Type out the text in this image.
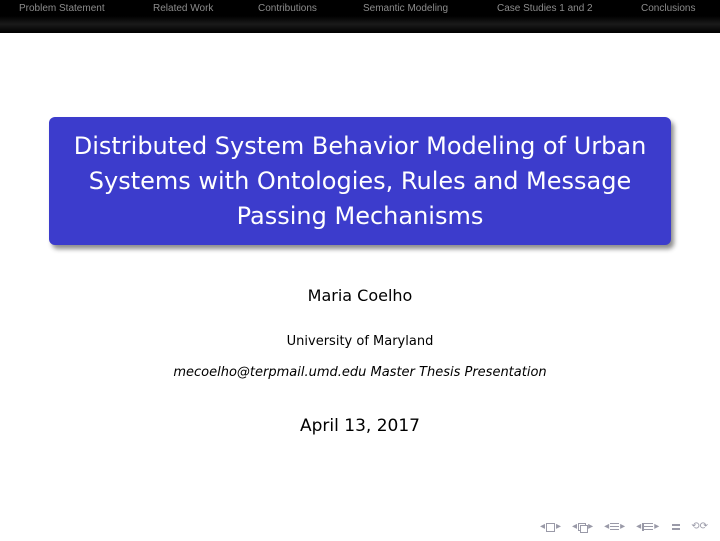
Problem Statement	Related Work	Contributions	Semantic Modeling	Case Studies 1 and 2	Conclusions
Distributed System Behavior Modeling of Urban Systems with Ontologies, Rules and Message Passing Mechanisms
Maria Coelho
University of Maryland
mecoelho@terpmail.umd.edu Master Thesis Presentation
April 13, 2017
◂ ▸ ◂ ▸ ◂ ▸ ◂ ▸	⟲⟳
